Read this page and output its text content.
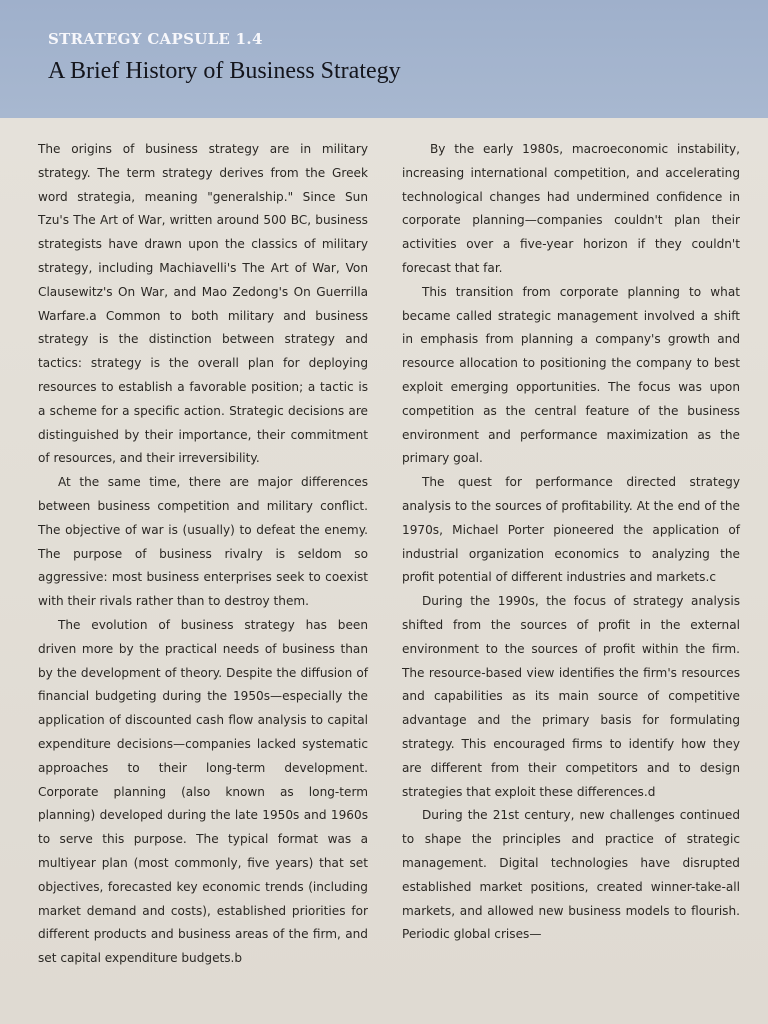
STRATEGY CAPSULE 1.4
A Brief History of Business Strategy

The origins of business strategy are in military strategy. The term strategy derives from the Greek word strategia, meaning "generalship." Since Sun Tzu's The Art of War, written around 500 BC, business strategists have drawn upon the classics of military strategy, including Machiavelli's The Art of War, Von Clausewitz's On War, and Mao Zedong's On Guerrilla Warfare.a Common to both military and business strategy is the distinction between strategy and tactics: strategy is the overall plan for deploying resources to establish a favorable position; a tactic is a scheme for a specific action. Strategic decisions are distinguished by their importance, their commitment of resources, and their irreversibility.

At the same time, there are major differences between business competition and military conflict. The objective of war is (usually) to defeat the enemy. The purpose of business rivalry is seldom so aggressive: most business enterprises seek to coexist with their rivals rather than to destroy them.

The evolution of business strategy has been driven more by the practical needs of business than by the development of theory. Despite the diffusion of financial budgeting during the 1950s—especially the application of discounted cash flow analysis to capital expenditure decisions—companies lacked systematic approaches to their long-term development. Corporate planning (also known as long-term planning) developed during the late 1950s and 1960s to serve this purpose. The typical format was a multiyear plan (most commonly, five years) that set objectives, forecasted key economic trends (including market demand and costs), established priorities for different products and business areas of the firm, and set capital expenditure budgets.b

By the early 1980s, macroeconomic instability, increasing international competition, and accelerating technological changes had undermined confidence in corporate planning—companies couldn't plan their activities over a five-year horizon if they couldn't forecast that far.

This transition from corporate planning to what became called strategic management involved a shift in emphasis from planning a company's growth and resource allocation to positioning the company to best exploit emerging opportunities. The focus was upon competition as the central feature of the business environment and performance maximization as the primary goal.

The quest for performance directed strategy analysis to the sources of profitability. At the end of the 1970s, Michael Porter pioneered the application of industrial organization economics to analyzing the profit potential of different industries and markets.c

During the 1990s, the focus of strategy analysis shifted from the sources of profit in the external environment to the sources of profit within the firm. The resource-based view identifies the firm's resources and capabilities as its main source of competitive advantage and the primary basis for formulating strategy. This encouraged firms to identify how they are different from their competitors and to design strategies that exploit these differences.d

During the 21st century, new challenges continued to shape the principles and practice of strategic management. Digital technologies have disrupted established market positions, created winner-take-all markets, and allowed new business models to flourish. Periodic global crises—
